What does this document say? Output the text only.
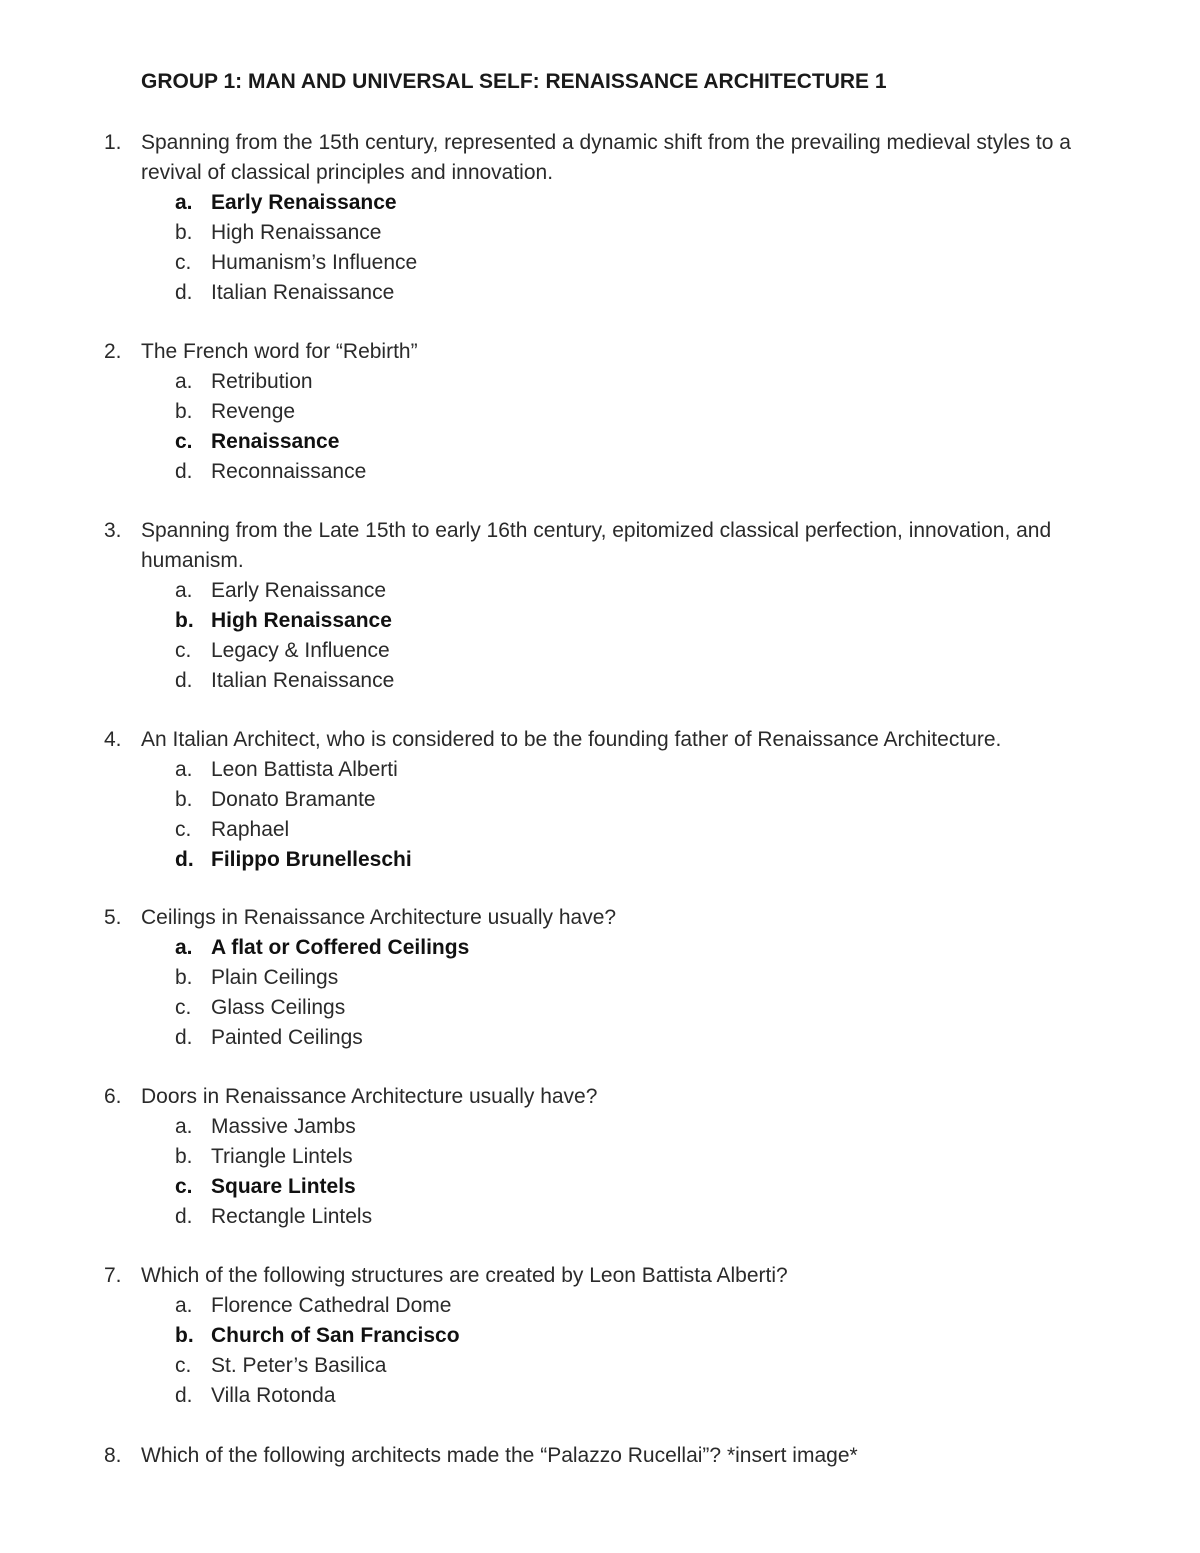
GROUP 1: MAN AND UNIVERSAL SELF: RENAISSANCE ARCHITECTURE 1
1. Spanning from the 15th century, represented a dynamic shift from the prevailing medieval styles to a revival of classical principles and innovation.
a. Early Renaissance
b. High Renaissance
c. Humanism’s Influence
d. Italian Renaissance
2. The French word for “Rebirth”
a. Retribution
b. Revenge
c. Renaissance
d. Reconnaissance
3. Spanning from the Late 15th to early 16th century, epitomized classical perfection, innovation, and humanism.
a. Early Renaissance
b. High Renaissance
c. Legacy & Influence
d. Italian Renaissance
4. An Italian Architect, who is considered to be the founding father of Renaissance Architecture.
a. Leon Battista Alberti
b. Donato Bramante
c. Raphael
d. Filippo Brunelleschi
5. Ceilings in Renaissance Architecture usually have?
a. A flat or Coffered Ceilings
b. Plain Ceilings
c. Glass Ceilings
d. Painted Ceilings
6. Doors in Renaissance Architecture usually have?
a. Massive Jambs
b. Triangle Lintels
c. Square Lintels
d. Rectangle Lintels
7. Which of the following structures are created by Leon Battista Alberti?
a. Florence Cathedral Dome
b. Church of San Francisco
c. St. Peter’s Basilica
d. Villa Rotonda
8. Which of the following architects made the “Palazzo Rucellai”? *insert image*
